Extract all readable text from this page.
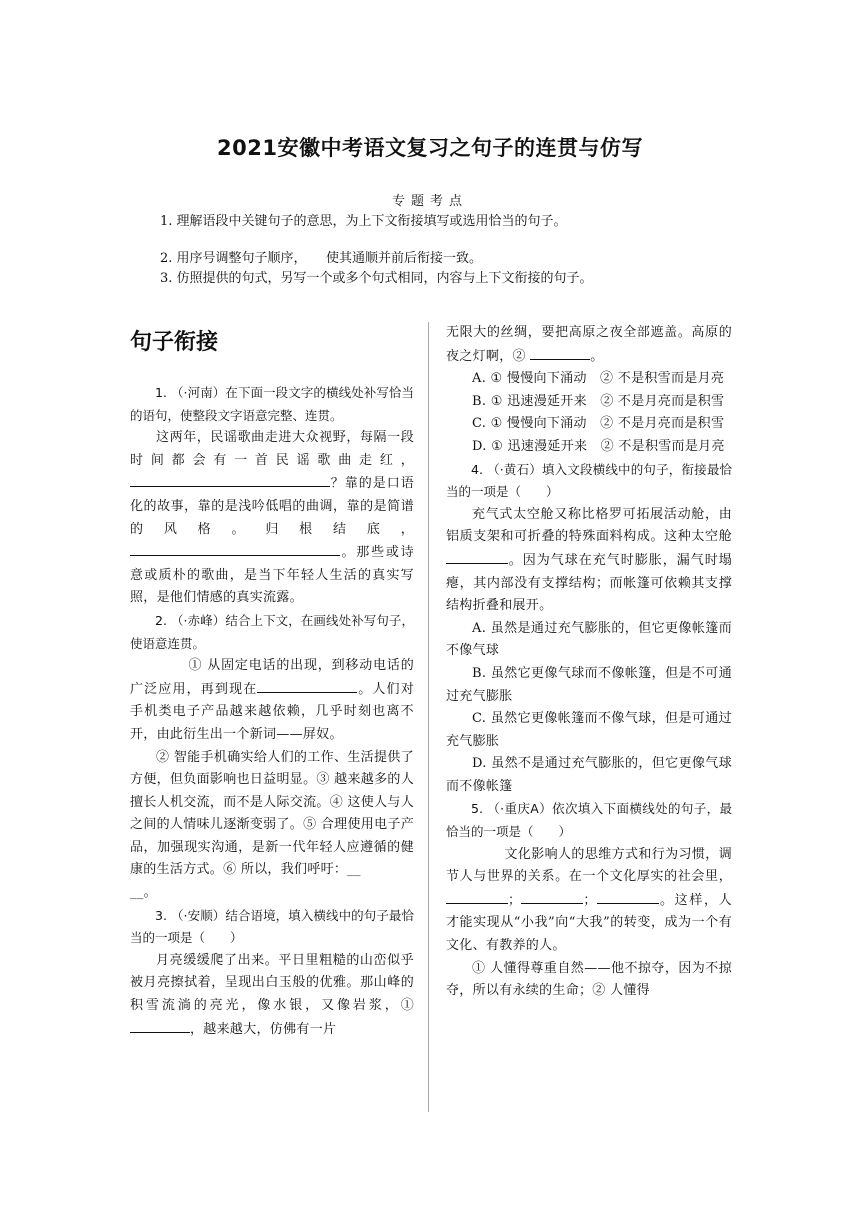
2021安徽中考语文复习之句子的连贯与仿写
专题考点
1. 理解语段中关键句子的意思，为上下文衔接填写或选用恰当的句子。
2. 用序号调整句子顺序，　　使其通顺并前后衔接一致。
3. 仿照提供的句式，另写一个或多个句式相同，内容与上下文衔接的句子。
句子衔接

1. （·河南）在下面一段文字的横线处补写恰当的语句，使整段文字语意完整、连贯。

这两年，民谣歌曲走进大众视野，每隔一段时间都会有一首民谣歌曲走红，？靠的是口语化的故事，靠的是浅吟低唱的曲调，靠的是简谱的风格。归根结底，。那些或诗意或质朴的歌曲，是当下年轻人生活的真实写照，是他们情感的真实流露。

2. （·赤峰）结合上下文，在画线处补写句子，使语意连贯。

① 从固定电话的出现，到移动电话的广泛应用，再到现在	。人们对手机类电子产品越来越依赖，几乎时刻也离不开，由此衍生出一个新词——屏奴。

② 智能手机确实给人们的工作、生活提供了方便，但负面影响也日益明显。③ 越来越多的人擅长人机交流，而不是人际交流。④ 这使人与人之间的人情味儿逐渐变弱了。⑤ 合理使用电子产品，加强现实沟通，是新一代年轻人应遵循的健康的生活方式。⑥ 所以，我们呼吁：__
__。

3. （·安顺）结合语境，填入横线中的句子最恰当的一项是（　　）

月亮缓缓爬了出来。平日里粗糙的山峦似乎被月亮擦拭着，呈现出白玉般的优雅。那山峰的积雪流淌的亮光，像水银，又像岩浆，① ，越来越大，仿佛有一片

无限大的丝绸，要把高原之夜全部遮盖。高原的夜之灯啊，②	。

A. ① 慢慢向下涌动　② 不是积雪而是月亮

B. ① 迅速漫延开来　② 不是月亮而是积雪

C. ① 慢慢向下涌动　② 不是月亮而是积雪

D. ① 迅速漫延开来　② 不是积雪而是月亮

4. （·黄石）填入文段横线中的句子，衔接最恰当的一项是（　　）

充气式太空舱又称比格罗可拓展活动舱，由铝质支架和可折叠的特殊面料构成。这种太空舱。因为气球在充气时膨胀，漏气时塌瘪，其内部没有支撑结构；而帐篷可依赖其支撑结构折叠和展开。

A. 虽然是通过充气膨胀的，但它更像帐篷而不像气球

B. 虽然它更像气球而不像帐篷，但是不可通过充气膨胀

C. 虽然它更像帐篷而不像气球，但是可通过充气膨胀

D. 虽然不是通过充气膨胀的，但它更像气球而不像帐篷

5. （·重庆A）依次填入下面横线处的句子，最恰当的一项是（　　）

文化影响人的思维方式和行为习惯，调节人与世界的关系。在一个文化厚实的社会里，；	；	。这样，人才能实现从“小我”向“大我”的转变，成为一个有文化、有教养的人。

① 人懂得尊重自然——他不掠夺，因为不掠夺，所以有永续的生命；② 人懂得
